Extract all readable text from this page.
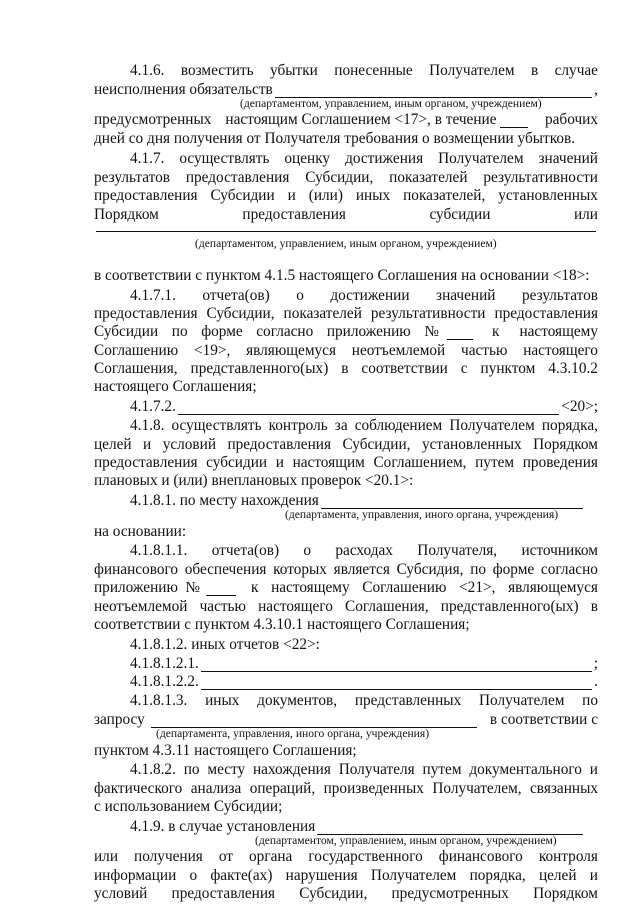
4.1.6. возместить убытки понесенные Получателем в случае
неисполнения обязательств	,
(департаментом, управлением, иным органом, учреждением)
предусмотренных настоящим Соглашением <17>, в течение	рабочих
дней со дня получения от Получателя требования о возмещении убытков.
4.1.7. осуществлять оценку достижения Получателем значений
результатов предоставления Субсидии, показателей результативности
предоставления Субсидии и (или) иных показателей, установленных
Порядком	предоставления	субсидии	или
(департаментом, управлением, иным органом, учреждением)
в соответствии с пунктом 4.1.5 настоящего Соглашения на основании <18>:
4.1.7.1. отчета(ов) о достижении значений результатов
предоставления Субсидии, показателей результативности предоставления
Субсидии по форме согласно приложению №	к настоящему
Соглашению <19>, являющемуся неотъемлемой частью настоящего
Соглашения, представленного(ых) в соответствии с пунктом 4.3.10.2
настоящего Соглашения;
4.1.7.2.	<20>;
4.1.8. осуществлять контроль за соблюдением Получателем порядка,
целей и условий предоставления Субсидии, установленных Порядком
предоставления субсидии и настоящим Соглашением, путем проведения
плановых и (или) внеплановых проверок <20.1>:
4.1.8.1. по месту нахождения
(департамента, управления, иного органа, учреждения)
на основании:
4.1.8.1.1. отчета(ов) о расходах Получателя, источником
финансового обеспечения которых является Субсидия, по форме согласно
приложению №	к настоящему Соглашению <21>, являющемуся
неотъемлемой частью настоящего Соглашения, представленного(ых) в
соответствии с пунктом 4.3.10.1 настоящего Соглашения;
4.1.8.1.2. иных отчетов <22>:
4.1.8.1.2.1.	;
4.1.8.1.2.2.	.
4.1.8.1.3. иных документов, представленных Получателем по
запросу	в соответствии с
(департамента, управления, иного органа, учреждения)
пунктом 4.3.11 настоящего Соглашения;
4.1.8.2. по месту нахождения Получателя путем документального и
фактического анализа операций, произведенных Получателем, связанных
с использованием Субсидии;
4.1.9. в случае установления
(департаментом, управлением, иным органом, учреждением)
или получения от органа государственного финансового контроля
информации о факте(ах) нарушения Получателем порядка, целей и
условий предоставления Субсидии, предусмотренных Порядком
